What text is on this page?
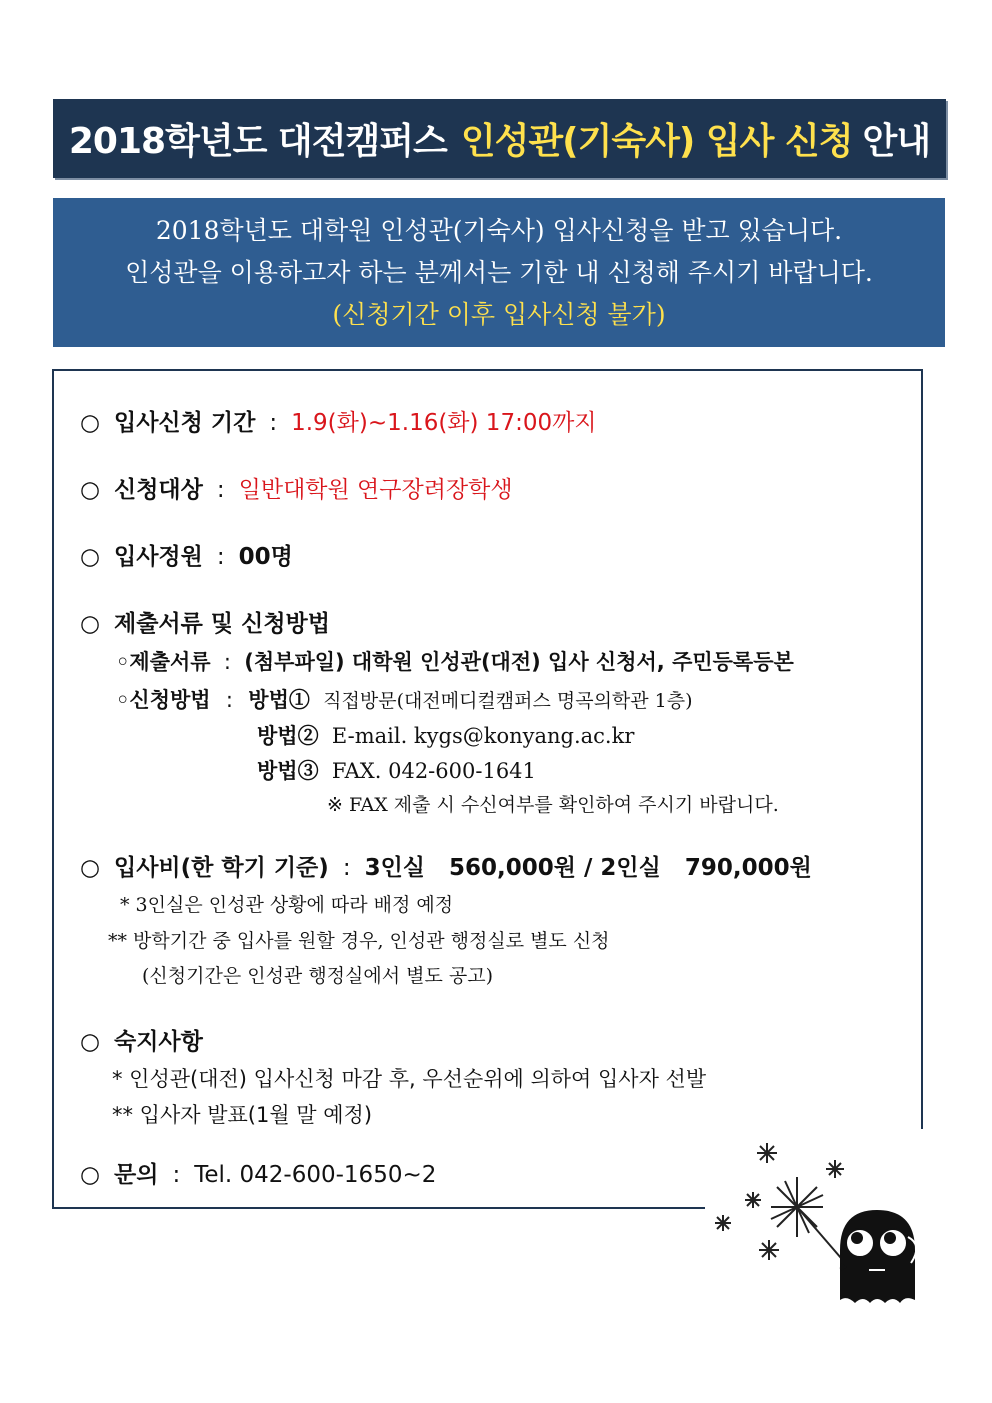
2018학년도 대전캠퍼스 인성관(기숙사) 입사 신청 안내
2018학년도 대학원 인성관(기숙사) 입사신청을 받고 있습니다.
인성관을 이용하고자 하는 분께서는 기한 내 신청해 주시기 바랍니다.
(신청기간 이후 입사신청 불가)
○ 입사신청 기간 : 1.9(화)~1.16(화) 17:00까지
○ 신청대상 : 일반대학원 연구장려장학생
○ 입사정원 : 00명
○ 제출서류 및 신청방법
◦제출서류 : (첨부파일) 대학원 인성관(대전) 입사 신청서, 주민등록등본
◦신청방법 : 방법① 직접방문(대전메디컬캠퍼스 명곡의학관 1층)
방법② E-mail. kygs@konyang.ac.kr
방법③ FAX. 042-600-1641
※ FAX 제출 시 수신여부를 확인하여 주시기 바랍니다.
○ 입사비(한 학기 기준) : 3인실   560,000원 / 2인실   790,000원
* 3인실은 인성관 상황에 따라 배정 예정
** 방학기간 중 입사를 원할 경우, 인성관 행정실로 별도 신청
(신청기간은 인성관 행정실에서 별도 공고)
○ 숙지사항
* 인성관(대전) 입사신청 마감 후, 우선순위에 의하여 입사자 선발
** 입사자 발표(1월 말 예정)
○ 문의 : Tel. 042-600-1650~2
